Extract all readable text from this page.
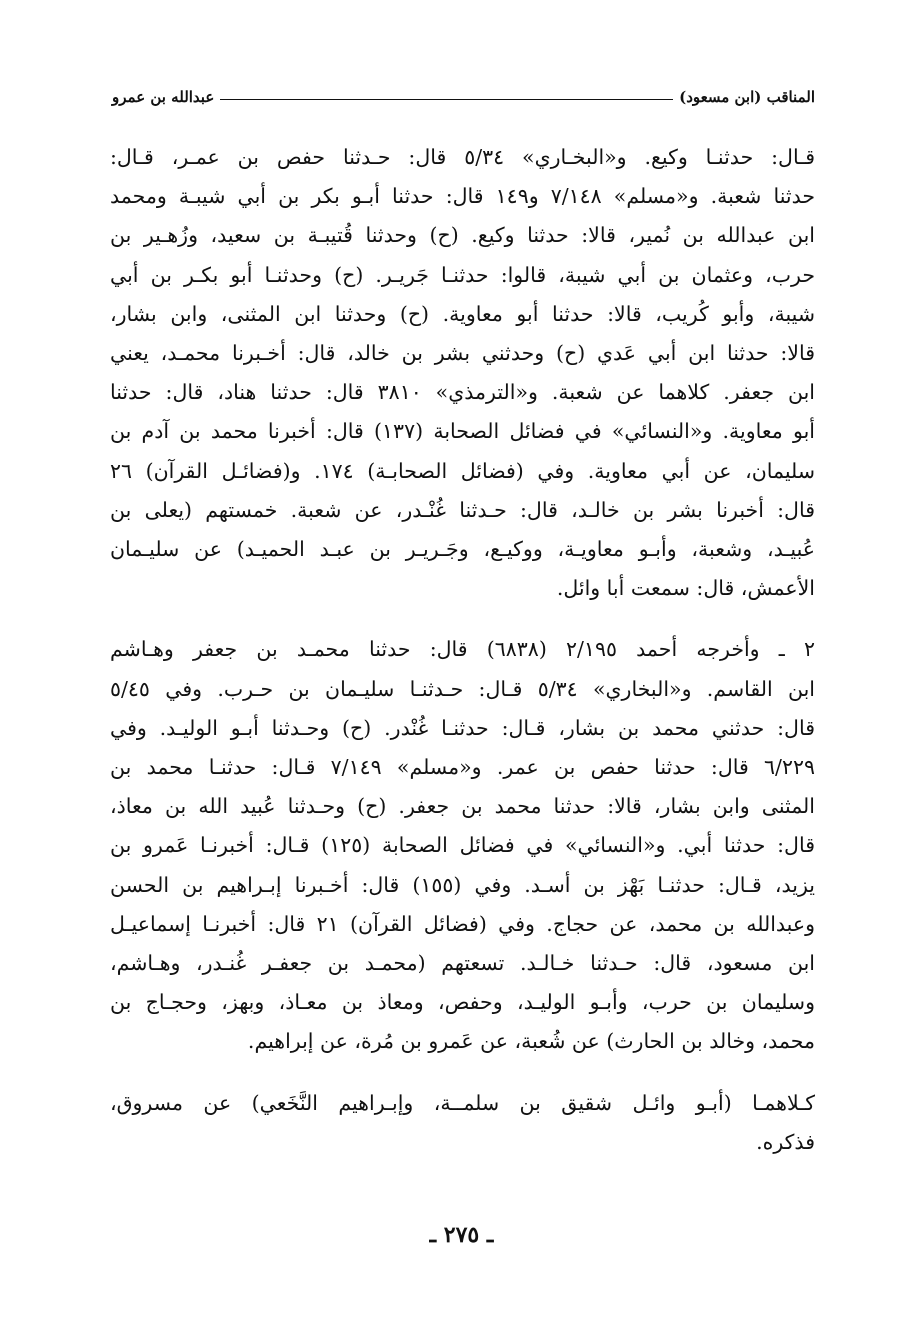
المناقب (ابن مسعود)
عبدالله بن عمرو

قـال: حدثنـا وكيع. و«البخـاري» ٥/٣٤ قال: حـدثنا حفص بن عمـر، قـال:
حدثنا شعبة. و«مسلم» ٧/١٤٨ و١٤٩ قال: حدثنا أبـو بكر بن أبي شيبـة ومحمد
ابن عبدالله بن نُمير، قالا: حدثنا وكيع. (ح) وحدثنا قُتيبـة بن سعيد، وزُهـير بن
حرب، وعثمان بن أبي شيبة، قالوا: حدثنـا جَريـر. (ح) وحدثنـا أبو بكـر بن أبي
شيبة، وأبو كُريب، قالا: حدثنا أبو معاوية. (ح) وحدثنا ابن المثنى، وابن بشار،
قالا: حدثنا ابن أبي عَدي (ح) وحدثني بشر بن خالد، قال: أخـبرنا محمـد، يعني
ابن جعفر. كلاهما عن شعبة. و«الترمذي» ٣٨١٠ قال: حدثنا هناد، قال: حدثنا
أبو معاوية. و«النسائي» في فضائل الصحابة (١٣٧) قال: أخبرنا محمد بن آدم بن
سليمان، عن أبي معاوية. وفي (فضائل الصحابـة) ١٧٤. و(فضائـل القرآن) ٢٦
قال: أخبرنا بشر بن خالـد، قال: حـدثنا غُنْـدر، عن شعبة. خمستهم (يعلى بن
عُبيـد، وشعبة، وأبـو معاويـة، ووكيـع، وجَـريـر بن عبـد الحميـد) عن سليـمان
الأعمش، قال: سمعت أبا وائل.

٢ ـ وأخرجه أحمد ٢/١٩٥ (٦٨٣٨) قال: حدثنا محمـد بن جعفر وهـاشم
ابن القاسم. و«البخاري» ٥/٣٤ قـال: حـدثنـا سليـمان بن حـرب. وفي ٥/٤٥
قال: حدثني محمد بن بشار، قـال: حدثنـا غُنْدر. (ح) وحـدثنا أبـو الوليـد. وفي
٦/٢٢٩ قال: حدثنا حفص بن عمر. و«مسلم» ٧/١٤٩ قـال: حدثنـا محمد بن
المثنى وابن بشار، قالا: حدثنا محمد بن جعفر. (ح) وحـدثنا عُبيد الله بن معاذ،
قال: حدثنا أبي. و«النسائي» في فضائل الصحابة (١٢٥) قـال: أخبرنـا عَمرو بن
يزيد، قـال: حدثنـا بَهْز بن أسـد. وفي (١٥٥) قال: أخـبرنا إبـراهيم بن الحسن
وعبدالله بن محمد، عن حجاج. وفي (فضائل القرآن) ٢١ قال: أخبرنـا إسماعيـل
ابن مسعود، قال: حـدثنا خـالـد. تسعتهم (محمـد بن جعفـر غُنـدر، وهـاشم،
وسليمان بن حرب، وأبـو الوليـد، وحفص، ومعاذ بن معـاذ، وبهز، وحجـاج بن
محمد، وخالد بن الحارث) عن شُعبة، عن عَمرو بن مُرة، عن إبراهيم.

كـلاهمـا (أبـو وائـل شقيق بن سلمــة، وإبـراهيم النَّخَعي) عن مسروق،
فذكره.

ـ ٢٧٥ ـ
